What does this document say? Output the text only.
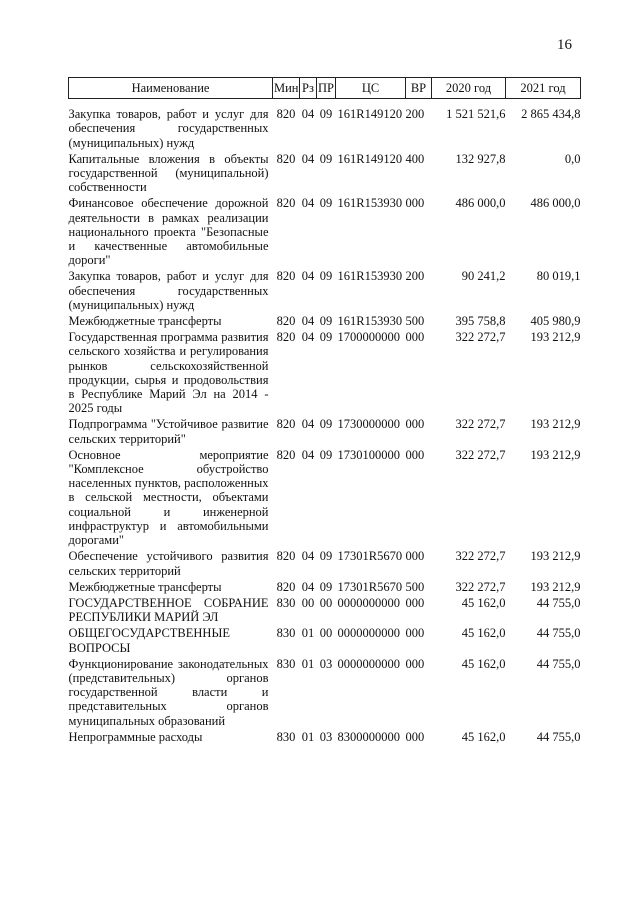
16
Наименование	Мин	Рз	ПР	ЦС	ВР	2020 год	2021 год
Закупка товаров, работ и услуг для обеспечения государственных (муниципальных) нужд	820	04	09	161R149120	200	1 521 521,6	2 865 434,8
Капитальные вложения в объекты государственной (муниципальной) собственности	820	04	09	161R149120	400	132 927,8	0,0
Финансовое обеспечение дорожной деятельности в рамках реализации национального проекта "Безопасные и качественные автомобильные дороги"	820	04	09	161R153930	000	486 000,0	486 000,0
Закупка товаров, работ и услуг для обеспечения государственных (муниципальных) нужд	820	04	09	161R153930	200	90 241,2	80 019,1
Межбюджетные трансферты	820	04	09	161R153930	500	395 758,8	405 980,9
Государственная программа развития сельского хозяйства и регулирования рынков сельскохозяйственной продукции, сырья и продовольствия в Республике Марий Эл на 2014 - 2025 годы	820	04	09	1700000000	000	322 272,7	193 212,9
Подпрограмма "Устойчивое развитие сельских территорий"	820	04	09	1730000000	000	322 272,7	193 212,9
Основное мероприятие "Комплексное обустройство населенных пунктов, расположенных в сельской местности, объектами социальной и инженерной инфраструктур и автомобильными дорогами"	820	04	09	1730100000	000	322 272,7	193 212,9
Обеспечение устойчивого развития сельских территорий	820	04	09	17301R5670	000	322 272,7	193 212,9
Межбюджетные трансферты	820	04	09	17301R5670	500	322 272,7	193 212,9
ГОСУДАРСТВЕННОЕ СОБРАНИЕ РЕСПУБЛИКИ МАРИЙ ЭЛ	830	00	00	0000000000	000	45 162,0	44 755,0
ОБЩЕГОСУДАРСТВЕННЫЕ ВОПРОСЫ	830	01	00	0000000000	000	45 162,0	44 755,0
Функционирование законодательных (представительных) органов государственной власти и представительных органов муниципальных образований	830	01	03	0000000000	000	45 162,0	44 755,0
Непрограммные расходы	830	01	03	8300000000	000	45 162,0	44 755,0
